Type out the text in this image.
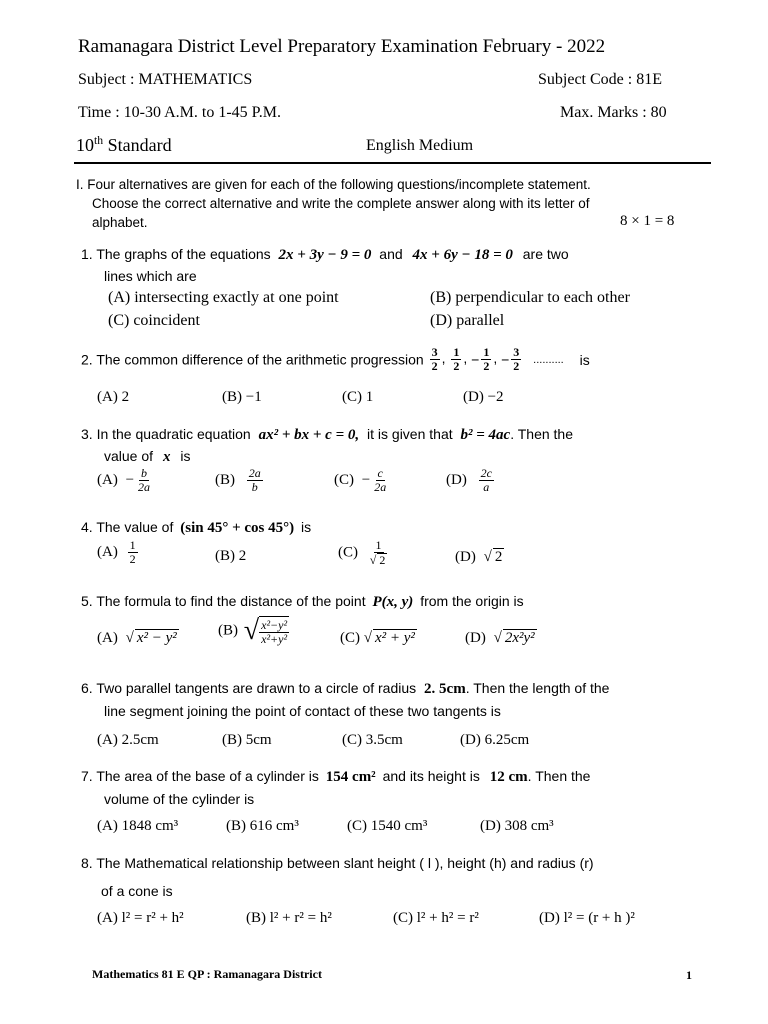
Ramanagara District Level Preparatory Examination February - 2022
Subject : MATHEMATICS	Subject Code : 81E
Time : 10-30 A.M. to 1-45 P.M.	Max. Marks : 80
10th Standard	English Medium
I. Four alternatives are given for each of the following questions/incomplete statement.
Choose the correct alternative and write the complete answer along with its letter of
alphabet.	8 × 1 = 8
1. The graphs of the equations 2x + 3y − 9 = 0 and 4x + 6y − 18 = 0 are two
lines which are
(A) intersecting exactly at one point	(B) perpendicular to each other
(C) coincident	(D) parallel
2. The common difference of the arithmetic progression $\frac{3}{2}$ , $\frac{1}{2}$ , − $\frac{1}{2}$ , − $\frac{3}{2}$ .......... is
(A) 2	(B) −1	(C) 1	(D) −2
3. In the quadratic equation ax² + bx + c = 0, it is given that b² = 4ac. Then the
value of x is
$(A) - \frac{b}{2a}$	$(B) \frac{2a}{b}$	$(C) - \frac{c}{2a}$	$(D) \frac{2c}{a}$
4. The value of (sin 45° + cos 45°) is
$(A) \frac{1}{2}$	(B) 2	$(C) \frac{1}{√ 2}$	(D) √ 2
5. The formula to find the distance of the point P(x, y) from the origin is
(A) √ x² − y²	(B) √ $\frac{\text{x²−y²}}{\text{x²+y²}}$	(C) √ x² + y²	(D) √ 2x²y²
6. Two parallel tangents are drawn to a circle of radius 2. 5cm. Then the length of the
line segment joining the point of contact of these two tangents is
(A) 2.5cm	(B) 5cm	(C) 3.5cm	(D) 6.25cm
7. The area of the base of a cylinder is 154 cm² and its height is 12 cm. Then the
volume of the cylinder is
(A) 1848 cm³	(B) 616 cm³	(C) 1540 cm³	(D) 308 cm³
8. The Mathematical relationship between slant height ( l ), height (h) and radius (r)
of a cone is
(A) l² = r² + h²	(B) l² + r² = h²	(C) l² + h² = r²	(D) l² = (r + h )²
Mathematics 81 E QP : Ramanagara District	1
